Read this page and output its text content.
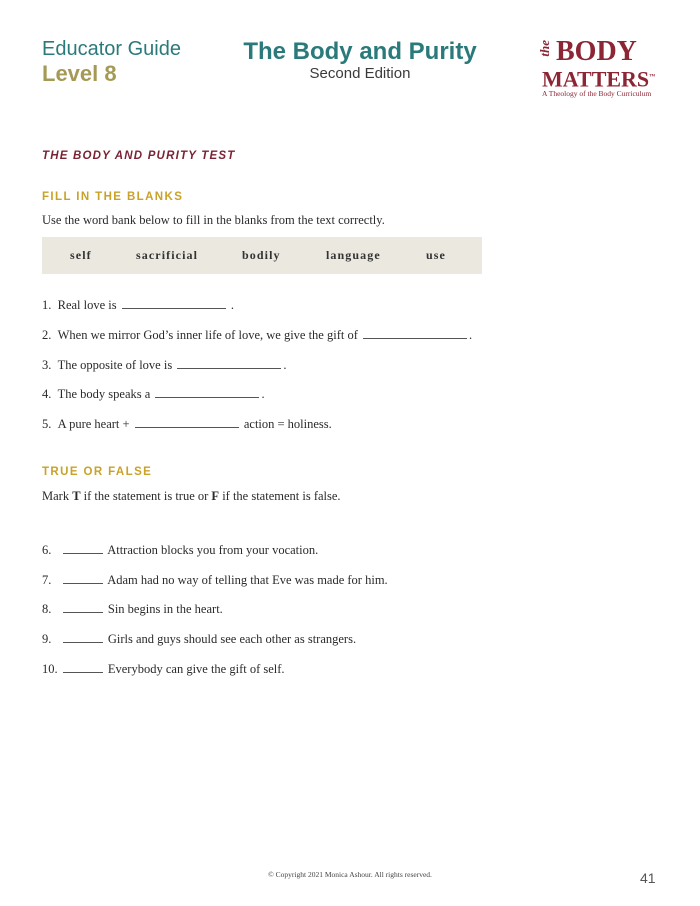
Educator Guide
Level 8
The Body and Purity
Second Edition
the BODY
MATTERS™
A Theology of the Body Curriculum
THE BODY AND PURITY TEST
FILL IN THE BLANKS
Use the word bank below to fill in the blanks from the text correctly.
self	sacrificial	bodily	language	use
1. Real love is	.
2. When we mirror God’s inner life of love, we give the gift of	.
3. The opposite of love is	.
4. The body speaks a	.
5. A pure heart +	action = holiness.
TRUE OR FALSE
Mark T if the statement is true or F if the statement is false.
6.	Attraction blocks you from your vocation.
7.	Adam had no way of telling that Eve was made for him.
8.	Sin begins in the heart.
9.	Girls and guys should see each other as strangers.
10.	Everybody can give the gift of self.
© Copyright 2021 Monica Ashour. All rights reserved.	41
